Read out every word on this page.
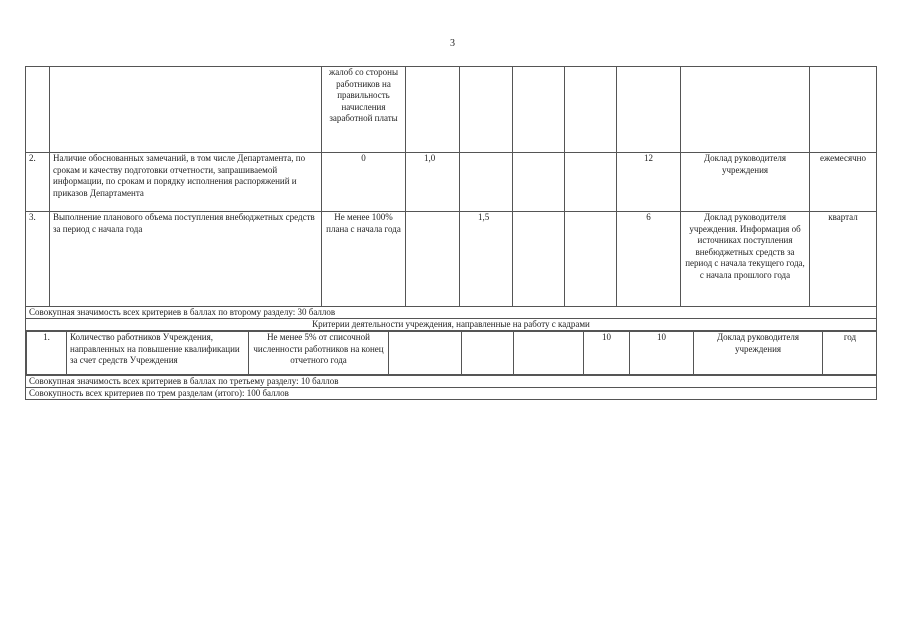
3
		жалоб со стороны работников на правильность начисления заработной платы							
2.	Наличие обоснованных замечаний, в том числе Департамента, по срокам и качеству подготовки отчетности, запрашиваемой информации, по срокам и порядку исполнения распоряжений и приказов Департамента	0	1,0				12	Доклад руководителя учреждения	ежемесячно
3.	Выполнение планового объема поступления внебюджетных средств за период с начала года	Не менее 100% плана с начала года		1,5			6	Доклад руководителя учреждения. Информация об источниках поступления внебюджетных средств за период с начала текущего года, с начала прошлого года	квартал
Совокупная значимость всех критериев в баллах по второму разделу: 30 баллов
Критерии деятельности учреждения, направленные на работу с кадрами

1.	Количество работников Учреждения, направленных на повышение квалификации за счет средств Учреждения	Не менее 5% от списочной численности работников на конец отчетного года				10	10	Доклад руководителя учреждения	год

Совокупная значимость всех критериев в баллах по третьему разделу: 10 баллов
Совокупность всех критериев по трем разделам (итого): 100 баллов
